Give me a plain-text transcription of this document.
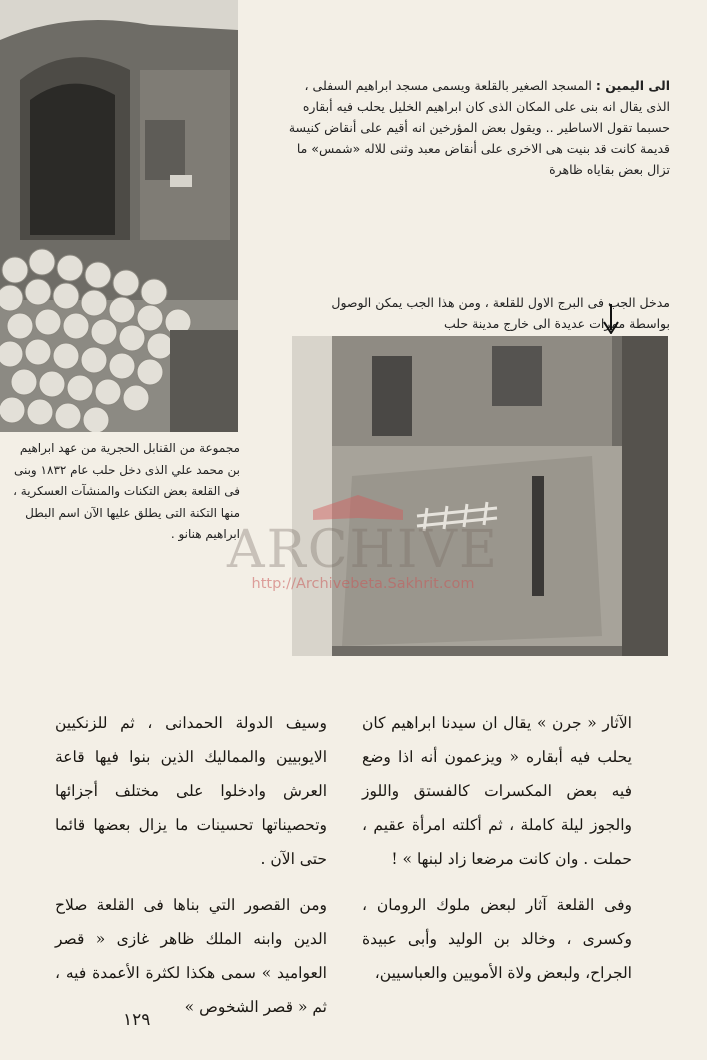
الى اليمين : المسجد الصغير بالقلعة ويسمى مسجد ابراهيم السفلى ، الذى يقال انه بنى على المكان الذى كان ابراهيم الخليل يحلب فيه أبقاره حسبما تقول الاساطير .. ويقول بعض المؤرخين انه أقيم على أنقاض كنيسة قديمة كانت قد بنيت هى الاخرى على أنقاض معبد وثنى للاله «شمس» ما تزال بعض بقاياه ظاهرة
مدخل الجب فى البرج الاول للقلعة ، ومن هذا الجب يمكن الوصول بواسطة ممرات عديدة الى خارج مدينة حلب
مجموعة من القنابل الحجرية من عهد ابراهيم بن محمد علي الذى دخل حلب عام ١٨٣٢ وبنى فى القلعة بعض التكنات والمنشآت العسكرية ، منها التكنة التى يطلق عليها الآن اسم البطل ابراهيم هنانو .

الآثار « جرن » يقال ان سيدنا ابراهيم كان يحلب فيه أبقاره « ويزعمون أنه اذا وضع فيه بعض المكسرات كالفستق واللوز والجوز ليلة كاملة ، ثم أكلته امرأة عقيم ، حملت . وان كانت مرضعا زاد لبنها » !

وفى القلعة آثار لبعض ملوك الرومان ، وكسرى ، وخالد بن الوليد وأبى عبيدة الجراح، ولبعض ولاة الأمويين والعباسيين،

وسيف الدولة الحمدانى ، ثم للزنكيين الايوبيين والمماليك الذين بنوا فيها قاعة العرش وادخلوا على مختلف أجزائها وتحصيناتها تحسينات ما يزال بعضها قائما حتى الآن .

ومن القصور التي بناها فى القلعة صلاح الدين وابنه الملك ظاهر غازى « قصر العواميد » سمى هكذا لكثرة الأعمدة فيه ، ثم « قصر الشخوص »

١٢٩
ARCHIVE
http://Archivebeta.Sakhrit.com
